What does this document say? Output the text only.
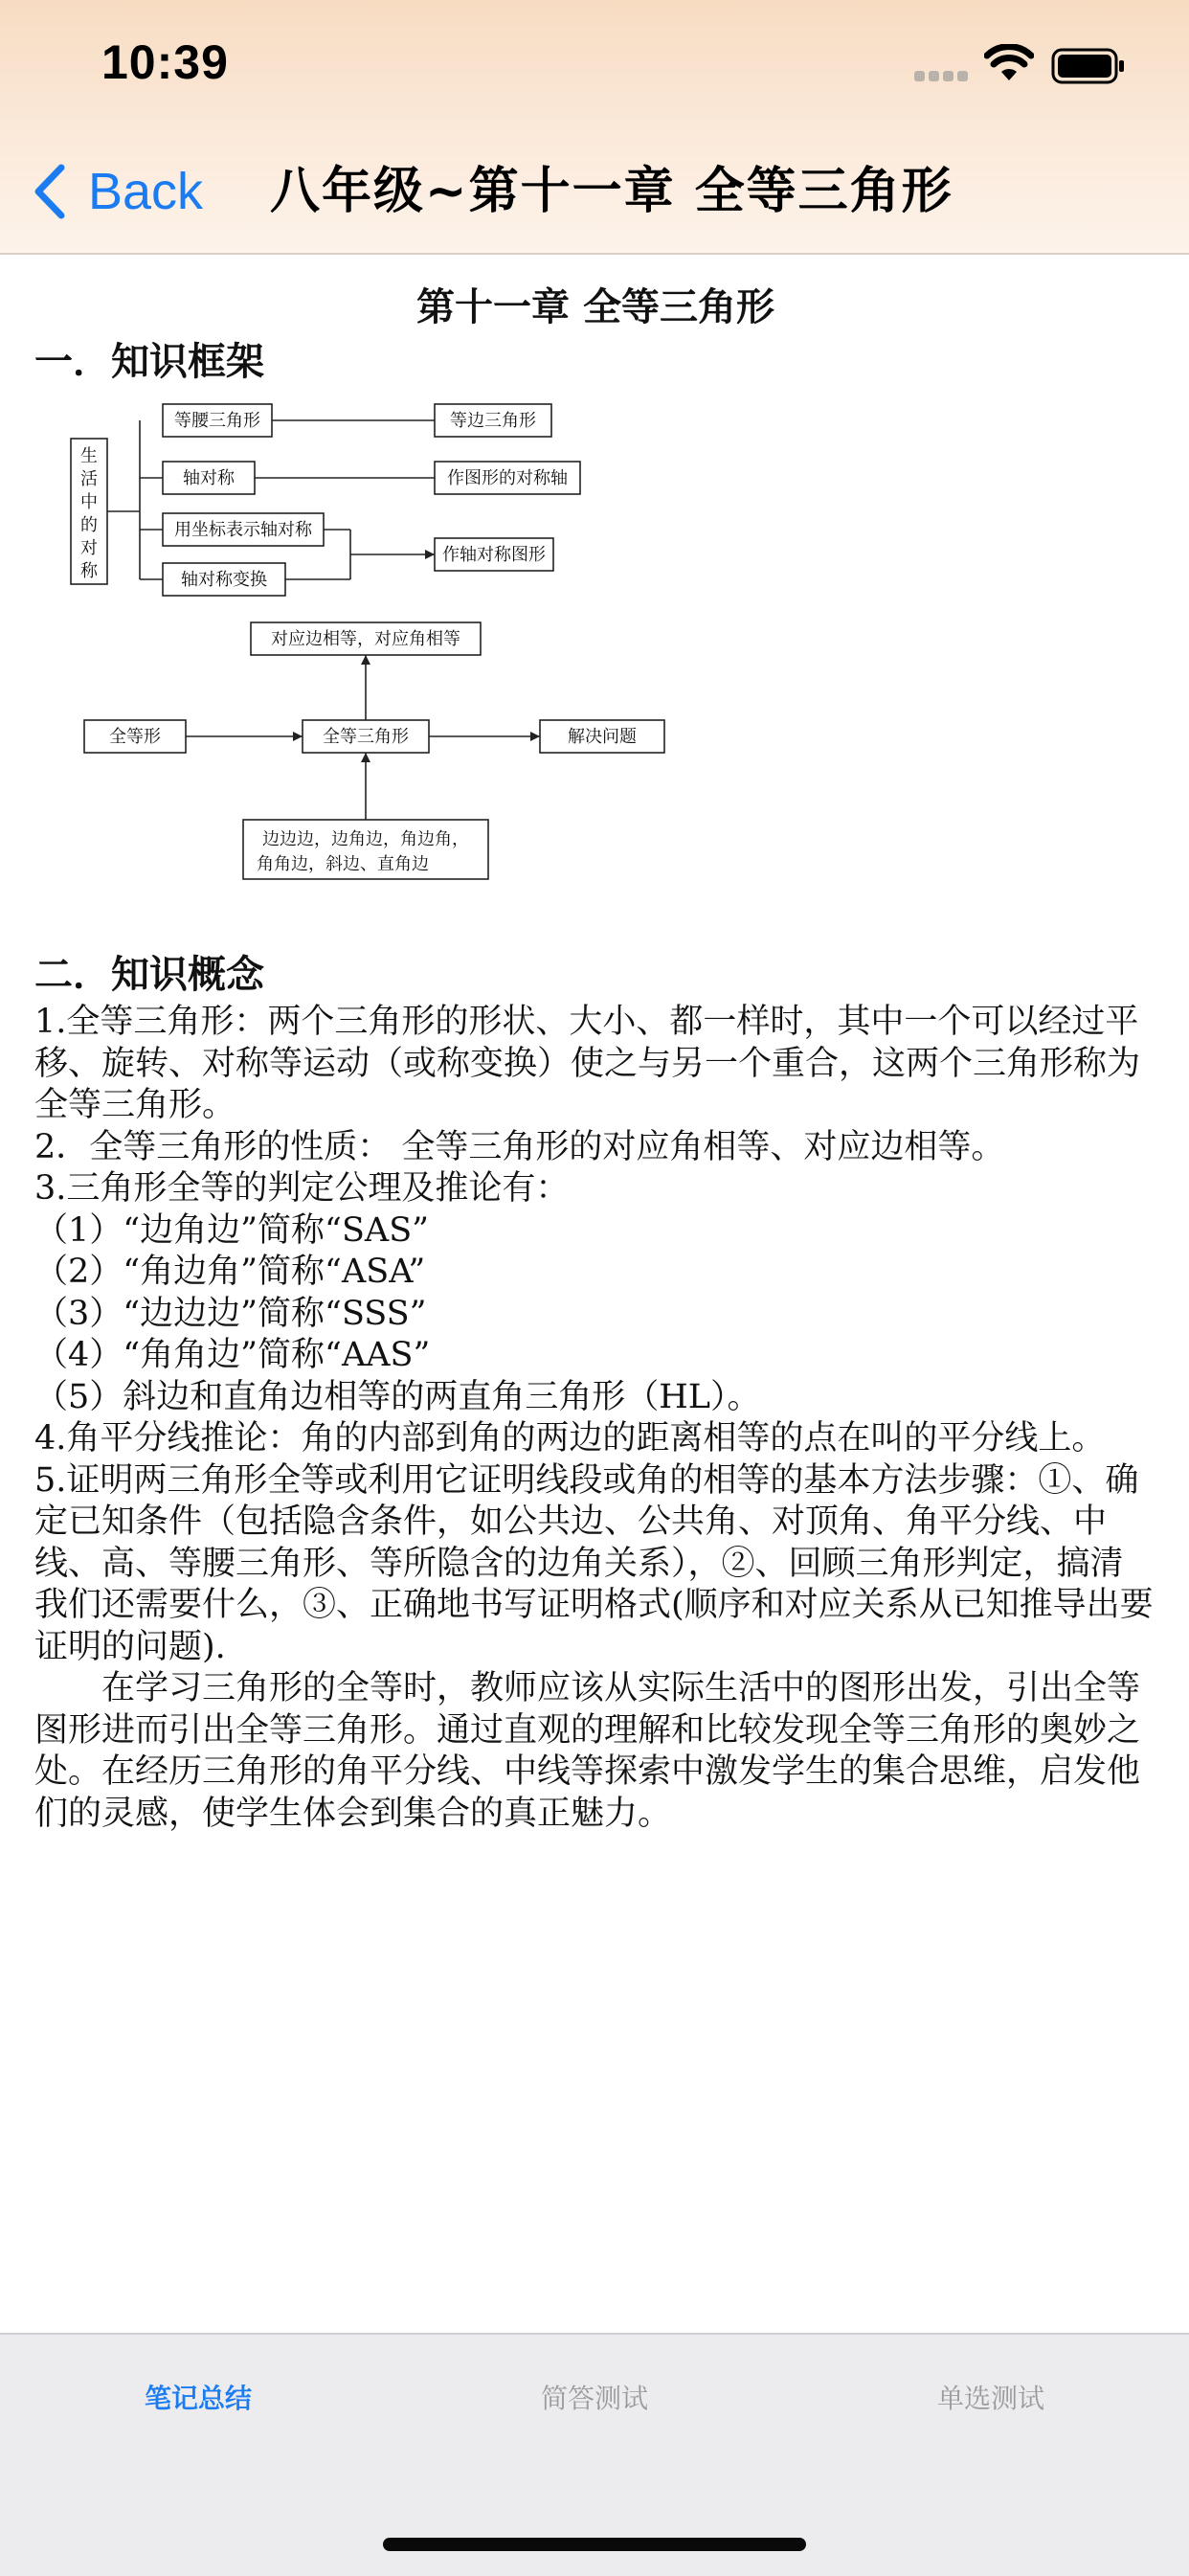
10:39
Back 八年级~第十一章 全等三角形
第十一章 全等三角形
一．知识框架
生
活
中
的
对
称
等腰三角形
轴对称
用坐标表示轴对称
轴对称变换
等边三角形
作图形的对称轴
作轴对称图形
对应边相等，对应角相等
全等形	全等三角形	解决问题
边边边，边角边，角边角，
角角边，斜边、直角边
二．知识概念

1.全等三角形：两个三角形的形状、大小、都一样时，其中一个可以经过平移、旋转、对称等运动（或称变换）使之与另一个重合，这两个三角形称为全等三角形。

2．全等三角形的性质： 全等三角形的对应角相等、对应边相等。

3.三角形全等的判定公理及推论有：

（1）“边角边”简称“SAS”

（2）“角边角”简称“ASA”

（3）“边边边”简称“SSS”

（4）“角角边”简称“AAS”

（5）斜边和直角边相等的两直角三角形（HL）。

4.角平分线推论：角的内部到角的两边的距离相等的点在叫的平分线上。

5.证明两三角形全等或利用它证明线段或角的相等的基本方法步骤：①、确定已知条件（包括隐含条件，如公共边、公共角、对顶角、角平分线、中线、高、等腰三角形、等所隐含的边角关系），②、回顾三角形判定，搞清我们还需要什么，③、正确地书写证明格式(顺序和对应关系从已知推导出要证明的问题).

在学习三角形的全等时，教师应该从实际生活中的图形出发，引出全等图形进而引出全等三角形。通过直观的理解和比较发现全等三角形的奥妙之处。在经历三角形的角平分线、中线等探索中激发学生的集合思维，启发他们的灵感，使学生体会到集合的真正魅力。

笔记总结	简答测试	单选测试
